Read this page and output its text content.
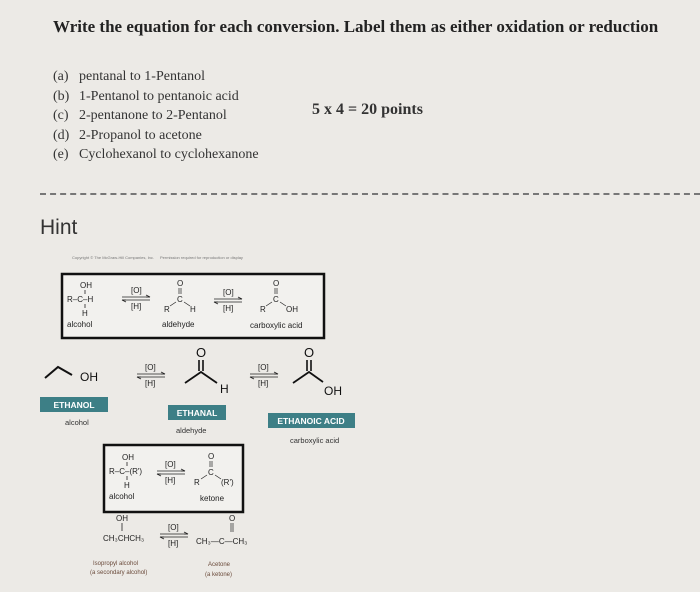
Write the equation for each conversion. Label them as either oxidation or reduction
(a) pentanal to 1-Pentanol
(b) 1-Pentanol to pentanoic acid
(c) 2-pentanone to 2-Pentanol
(d) 2-Propanol to acetone
(e) Cyclohexanol to cyclohexanone
5 x 4 = 20 points
Hint
Copyright © The McGraw-Hill Companies, Inc.	Permission required for reproduction or display
OH
R–C–H
H
alcohol
[O]
[H]
O
C
R	H
aldehyde
[O]
[H]
O
C
R	OH
carboxylic acid
OH
ETHANOL
alcohol
[O]
[H]
O
H
ETHANAL
aldehyde
[O]
[H]
O
OH
ETHANOIC ACID
carboxylic acid
OH
R–C–(R')
H
alcohol
[O]
[H]
O
C
R	(R')
ketone
OH
CH₃CHCH₃
[O]
[H]
O
CH₃—C—CH₃
Isopropyl alcohol
(a secondary alcohol)
Acetone
(a ketone)
